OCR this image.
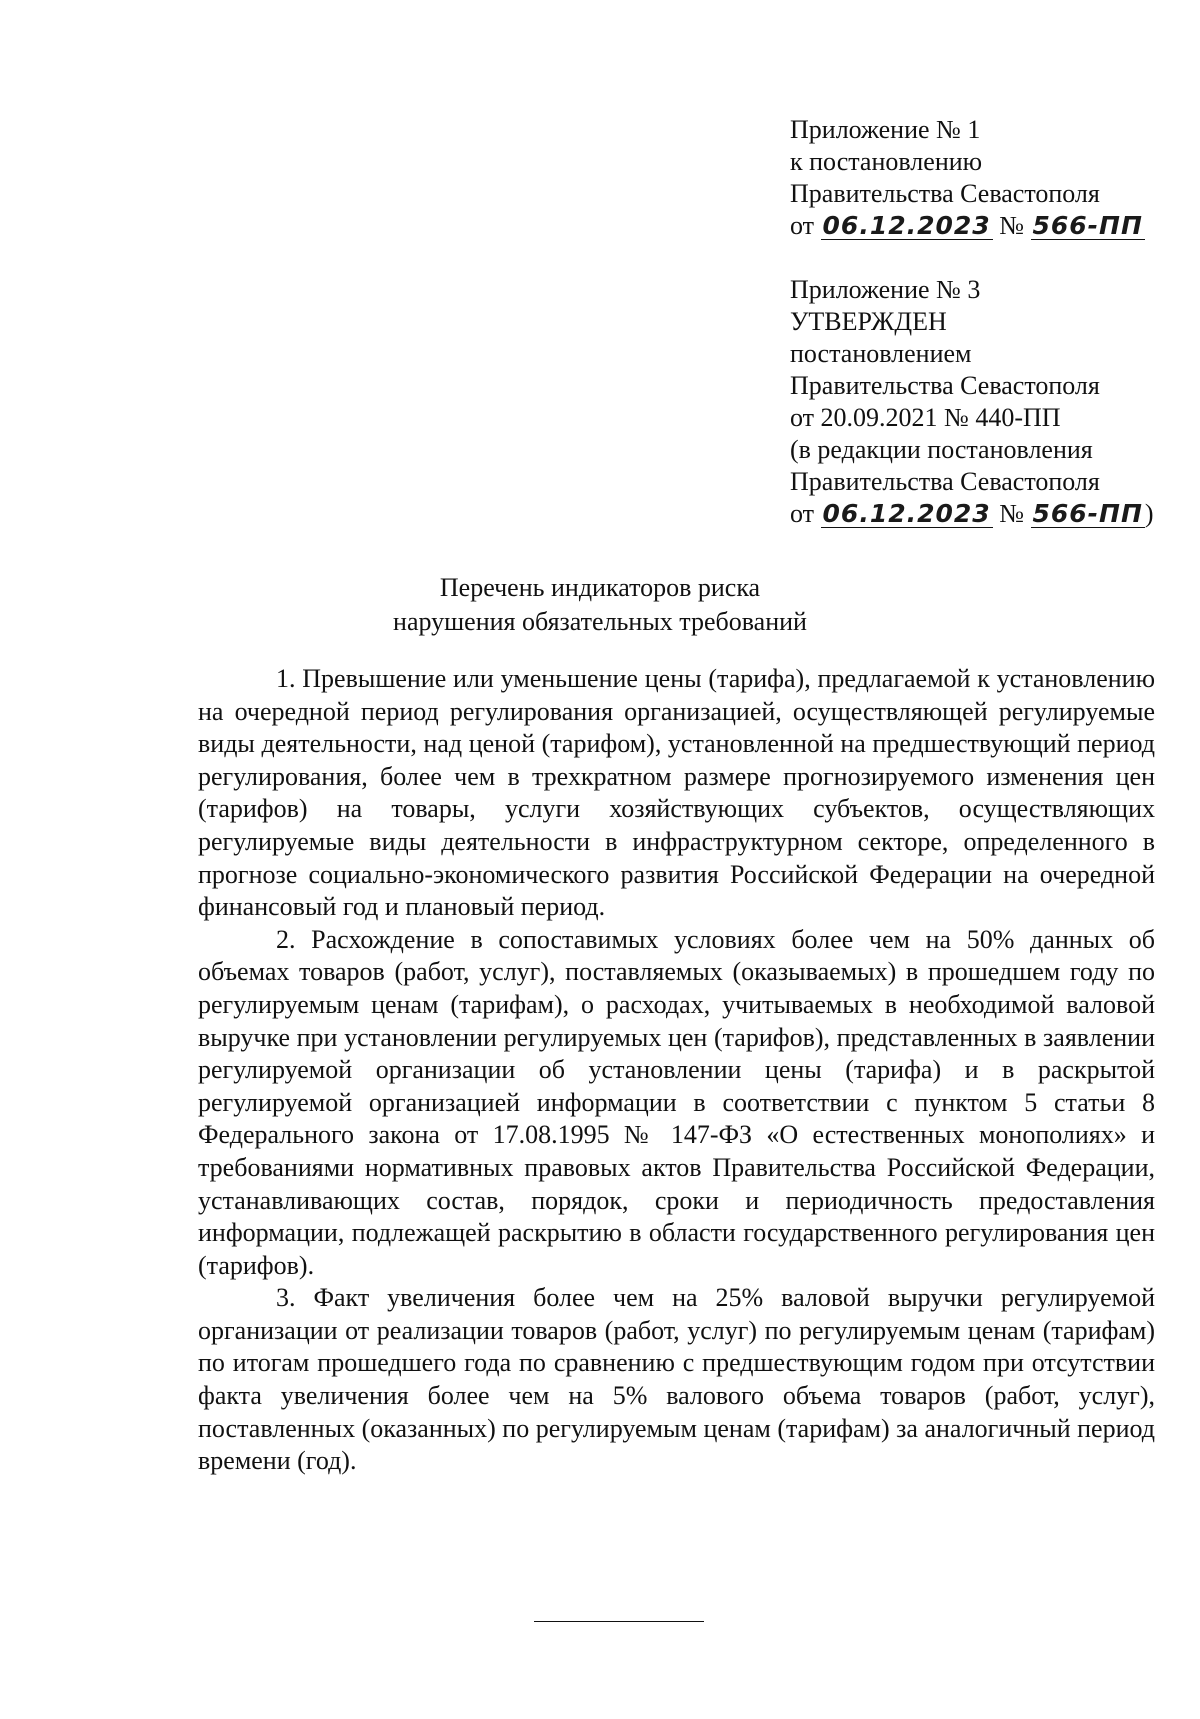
Приложение № 1
к постановлению
Правительства Севастополя
от 06.12.2023 № 566-ПП
Приложение № 3
УТВЕРЖДЕН
постановлением
Правительства Севастополя
от 20.09.2021 № 440-ПП
(в редакции постановления
Правительства Севастополя
от 06.12.2023 № 566-ПП)
Перечень индикаторов риска
нарушения обязательных требований

1. Превышение или уменьшение цены (тарифа), предлагаемой к установлению на очередной период регулирования организацией, осуществляющей регулируемые виды деятельности, над ценой (тарифом), установленной на предшествующий период регулирования, более чем в трехкратном размере прогнозируемого изменения цен (тарифов) на товары, услуги хозяйствующих субъектов, осуществляющих регулируемые виды деятельности в инфраструктурном секторе, определенного в прогнозе социально-экономического развития Российской Федерации на очередной финансовый год и плановый период.

2. Расхождение в сопоставимых условиях более чем на 50% данных об объемах товаров (работ, услуг), поставляемых (оказываемых) в прошедшем году по регулируемым ценам (тарифам), о расходах, учитываемых в необходимой валовой выручке при установлении регулируемых цен (тарифов), представленных в заявлении регулируемой организации об установлении цены (тарифа) и в раскрытой регулируемой организацией информации в соответствии с пунктом 5 статьи 8 Федерального закона от 17.08.1995 № 147-ФЗ «О естественных монополиях» и требованиями нормативных правовых актов Правительства Российской Федерации, устанавливающих состав, порядок, сроки и периодичность предоставления информации, подлежащей раскрытию в области государственного регулирования цен (тарифов).

3. Факт увеличения более чем на 25% валовой выручки регулируемой организации от реализации товаров (работ, услуг) по регулируемым ценам (тарифам) по итогам прошедшего года по сравнению с предшествующим годом при отсутствии факта увеличения более чем на 5% валового объема товаров (работ, услуг), поставленных (оказанных) по регулируемым ценам (тарифам) за аналогичный период времени (год).
